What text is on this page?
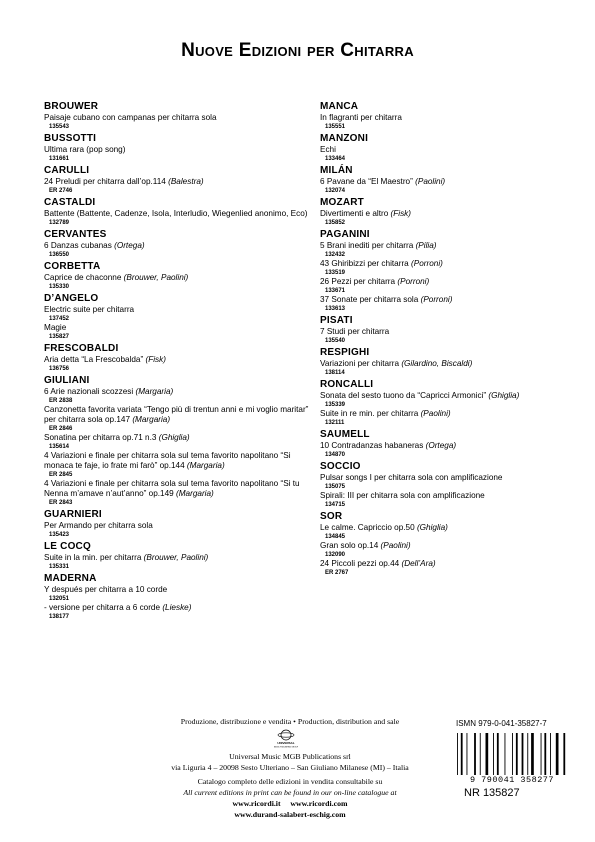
Nuove Edizioni per Chitarra
BROUWER
Paisaje cubano con campanas per chitarra sola
135543
BUSSOTTI
Ultima rara (pop song)
131661
CARULLI
24 Preludi per chitarra dall’op.114 (Balestra)
ER 2746
CASTALDI
Battente (Battente, Cadenze, Isola, Interludio, Wiegenlied anonimo, Eco)
132789
CERVANTES
6 Danzas cubanas (Ortega)
136550
CORBETTA
Caprice de chaconne (Brouwer, Paolini)
135330
D’ANGELO
Electric suite per chitarra
137452
Magie
135827
FRESCOBALDI
Aria detta “La Frescobalda” (Fisk)
136756
GIULIANI
6 Arie nazionali scozzesi (Margaria)
ER 2838
Canzonetta favorita variata “Tengo più di trentun anni e mi voglio maritar” per chitarra sola op.147 (Margaria)
ER 2846
Sonatina per chitarra op.71 n.3 (Ghiglia)
135614
4 Variazioni e finale per chitarra sola sul tema favorito napolitano “Si monaca te faje, io frate mi farò” op.144 (Margaria)
ER 2845
4 Variazioni e finale per chitarra sola sul tema favorito napolitano “Si tu Nenna m’amave n’aut’anno” op.149 (Margaria)
ER 2843
GUARNIERI
Per Armando per chitarra sola
135423
LE COCQ
Suite in la min. per chitarra (Brouwer, Paolini)
135331
MADERNA
Y después per chitarra a 10 corde
132051
- versione per chitarra a 6 corde (Lieske)
138177
MANCA
In flagranti per chitarra
135551
MANZONI
Echi
133464
MILÁN
6 Pavane da “El Maestro” (Paolini)
132074
MOZART
Divertimenti e altro (Fisk)
135852
PAGANINI
5 Brani inediti per chitarra (Pilia)
132432
43 Ghiribizzi per chitarra (Porroni)
133519
26 Pezzi per chitarra (Porroni)
133671
37 Sonate per chitarra sola (Porroni)
133613
PISATI
7 Studi per chitarra
135540
RESPIGHI
Variazioni per chitarra (Gilardino, Biscaldi)
138114
RONCALLI
Sonata del sesto tuono da “Capricci Armonici” (Ghiglia)
135339
Suite in re min. per chitarra (Paolini)
132111
SAUMELL
10 Contradanzas habaneras (Ortega)
134870
SOCCIO
Pulsar songs I per chitarra sola con amplificazione
135075
Spirali: III per chitarra sola con amplificazione
134715
SOR
Le calme. Capriccio op.50 (Ghiglia)
134845
Gran solo op.14 (Paolini)
132090
24 Piccoli pezzi op.44 (Dell’Ara)
ER 2767
Produzione, distribuzione e vendita • Production, distribution and sale
UNIVERSAL
MUSIC PUBLISHING GROUP
Universal Music MGB Publications srl
via Liguria 4 – 20098 Sesto Ulteriano – San Giuliano Milanese (MI) – Italia
Catalogo completo delle edizioni in vendita consultabile su
All current editions in print can be found in our on-line catalogue at
www.ricordi.it www.ricordi.com
www.durand-salabert-eschig.com
ISMN 979-0-041-35827-7
9 790041 358277
NR 135827
